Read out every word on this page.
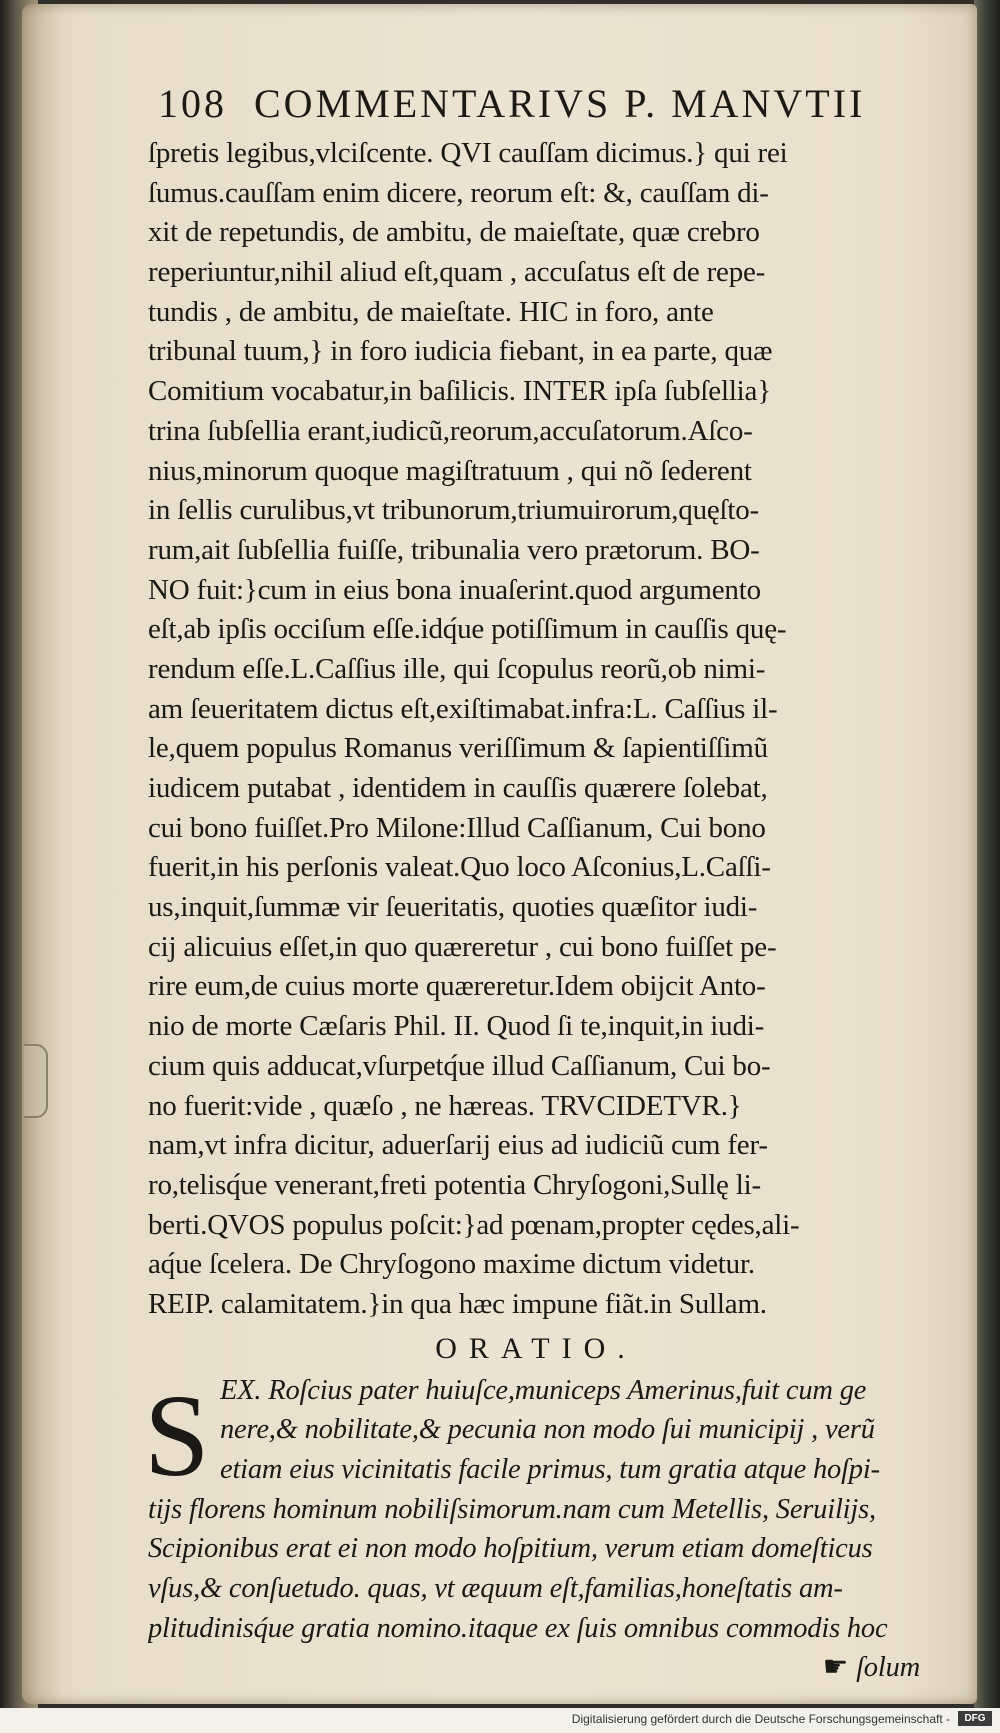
108 COMMENTARIVS P. MANVTII
ſpretis legibus,vlciſcente. QVI cauſſam dicimus.} qui rei
ſumus.cauſſam enim dicere, reorum eſt: &, cauſſam di-
xit de repetundis, de ambitu, de maieſtate, quæ crebro
reperiuntur,nihil aliud eſt,quam , accuſatus eſt de repe-
tundis , de ambitu, de maieſtate. HIC in foro, ante
tribunal tuum,} in foro iudicia fiebant, in ea parte, quæ
Comitium vocabatur,in baſilicis. INTER ipſa ſubſellia}
trina ſubſellia erant,iudicũ,reorum,accuſatorum.Aſco-
nius,minorum quoque magiſtratuum , qui nõ ſederent
in ſellis curulibus,vt tribunorum,triumuirorum,quęſto-
rum,ait ſubſellia fuiſſe, tribunalia vero prætorum. BO-
NO fuit:}cum in eius bona inuaſerint.quod argumento
eſt,ab ipſis occiſum eſſe.idq́ue potiſſimum in cauſſis quę-
rendum eſſe.L.Caſſius ille, qui ſcopulus reorũ,ob nimi-
am ſeueritatem dictus eſt,exiſtimabat.infra:L. Caſſius il-
le,quem populus Romanus veriſſimum & ſapientiſſimũ
iudicem putabat , identidem in cauſſis quærere ſolebat,
cui bono fuiſſet.Pro Milone:Illud Caſſianum, Cui bono
fuerit,in his perſonis valeat.Quo loco Aſconius,L.Caſſi-
us,inquit,ſummæ vir ſeueritatis, quoties quæſitor iudi-
cij alicuius eſſet,in quo quæreretur , cui bono fuiſſet pe-
rire eum,de cuius morte quæreretur.Idem obijcit Anto-
nio de morte Cæſaris Phil. II. Quod ſi te,inquit,in iudi-
cium quis adducat,vſurpetq́ue illud Caſſianum, Cui bo-
no fuerit:vide , quæſo , ne hæreas. TRVCIDETVR.}
nam,vt infra dicitur, aduerſarij eius ad iudiciũ cum fer-
ro,telisq́ue venerant,freti potentia Chryſogoni,Sullę li-
berti.QVOS populus poſcit:}ad pœnam,propter cędes,ali-
aq́ue ſcelera. De Chryſogono maxime dictum videtur.
REIP. calamitatem.}in qua hæc impune fiãt.in Sullam.
ORATIO.
S EX. Roſcius pater huiuſce,municeps Amerinus,fuit cum ge
nere,& nobilitate,& pecunia non modo ſui municipij , verũ
etiam eius vicinitatis facile primus, tum gratia atque hoſpi-
tijs florens hominum nobiliſsimorum.nam cum Metellis, Seruilijs,
Scipionibus erat ei non modo hoſpitium, verum etiam domeſticus
vſus,& conſuetudo. quas, vt æquum eſt,familias,honeſtatis am-
plitudinisq́ue gratia nomino.itaque ex ſuis omnibus commodis hoc
☛ ſolum
Digitalisierung gefördert durch die Deutsche Forschungsgemeinschaft -	DFG
